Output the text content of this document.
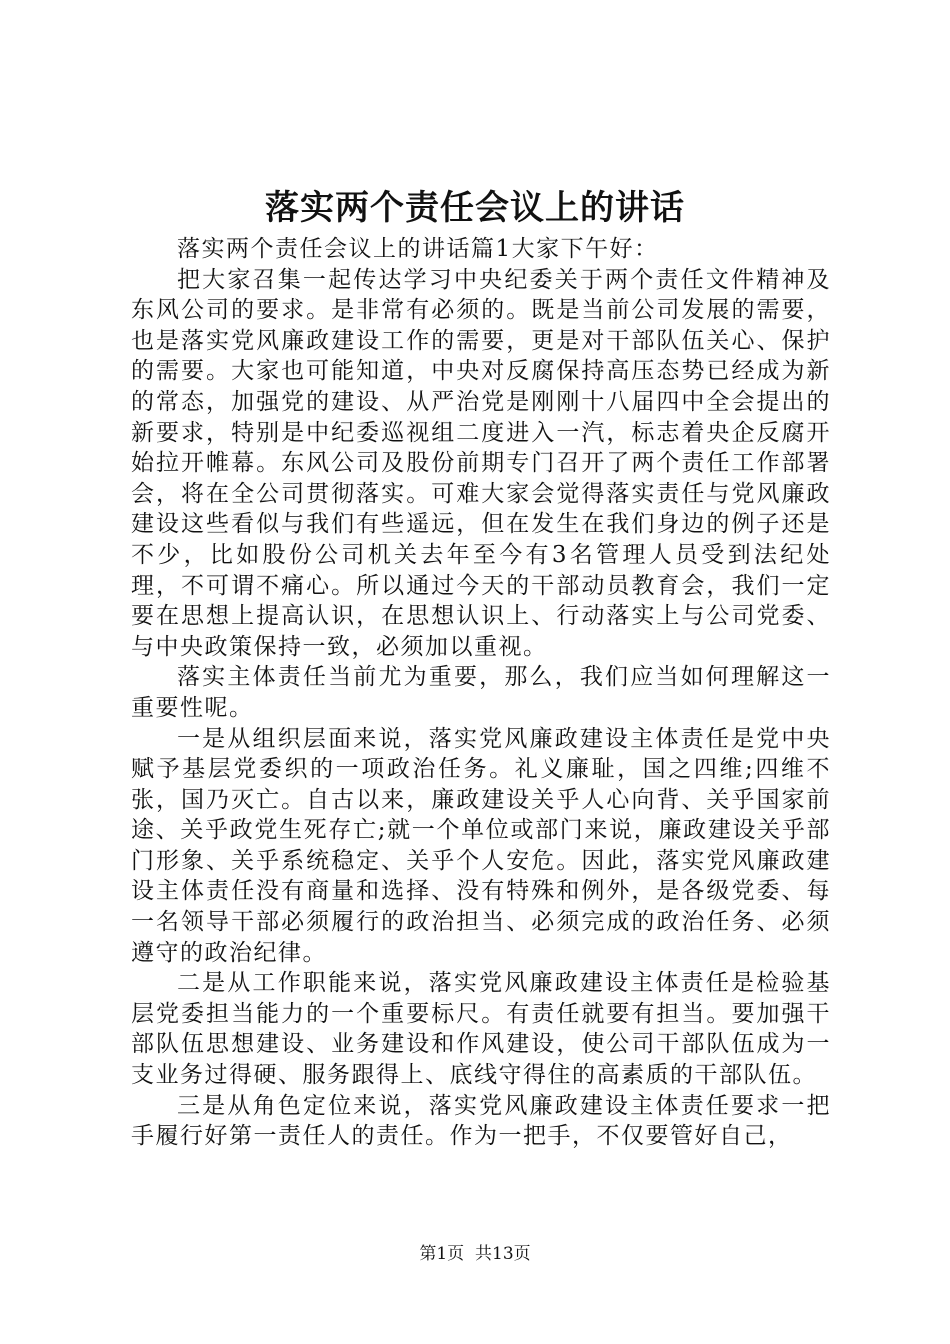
落实两个责任会议上的讲话

落实两个责任会议上的讲话篇1大家下午好：

把大家召集一起传达学习中央纪委关于两个责任文件精神及东风公司的要求。是非常有必须的。既是当前公司发展的需要，也是落实党风廉政建设工作的需要，更是对干部队伍关心、保护的需要。大家也可能知道，中央对反腐保持高压态势已经成为新的常态，加强党的建设、从严治党是刚刚十八届四中全会提出的新要求，特别是中纪委巡视组二度进入一汽，标志着央企反腐开始拉开帷幕。东风公司及股份前期专门召开了两个责任工作部署会，将在全公司贯彻落实。可难大家会觉得落实责任与党风廉政建设这些看似与我们有些遥远，但在发生在我们身边的例子还是不少，比如股份公司机关去年至今有3名管理人员受到法纪处理，不可谓不痛心。所以通过今天的干部动员教育会，我们一定要在思想上提高认识，在思想认识上、行动落实上与公司党委、与中央政策保持一致，必须加以重视。

落实主体责任当前尤为重要，那么，我们应当如何理解这一重要性呢。

一是从组织层面来说，落实党风廉政建设主体责任是党中央赋予基层党委织的一项政治任务。礼义廉耻，国之四维;四维不张，国乃灭亡。自古以来，廉政建设关乎人心向背、关乎国家前途、关乎政党生死存亡;就一个单位或部门来说，廉政建设关乎部门形象、关乎系统稳定、关乎个人安危。因此，落实党风廉政建设主体责任没有商量和选择、没有特殊和例外，是各级党委、每一名领导干部必须履行的政治担当、必须完成的政治任务、必须遵守的政治纪律。

二是从工作职能来说，落实党风廉政建设主体责任是检验基层党委担当能力的一个重要标尺。有责任就要有担当。要加强干部队伍思想建设、业务建设和作风建设，使公司干部队伍成为一支业务过得硬、服务跟得上、底线守得住的高素质的干部队伍。

三是从角色定位来说，落实党风廉政建设主体责任要求一把手履行好第一责任人的责任。作为一把手，不仅要管好自己，

第1页 共13页
